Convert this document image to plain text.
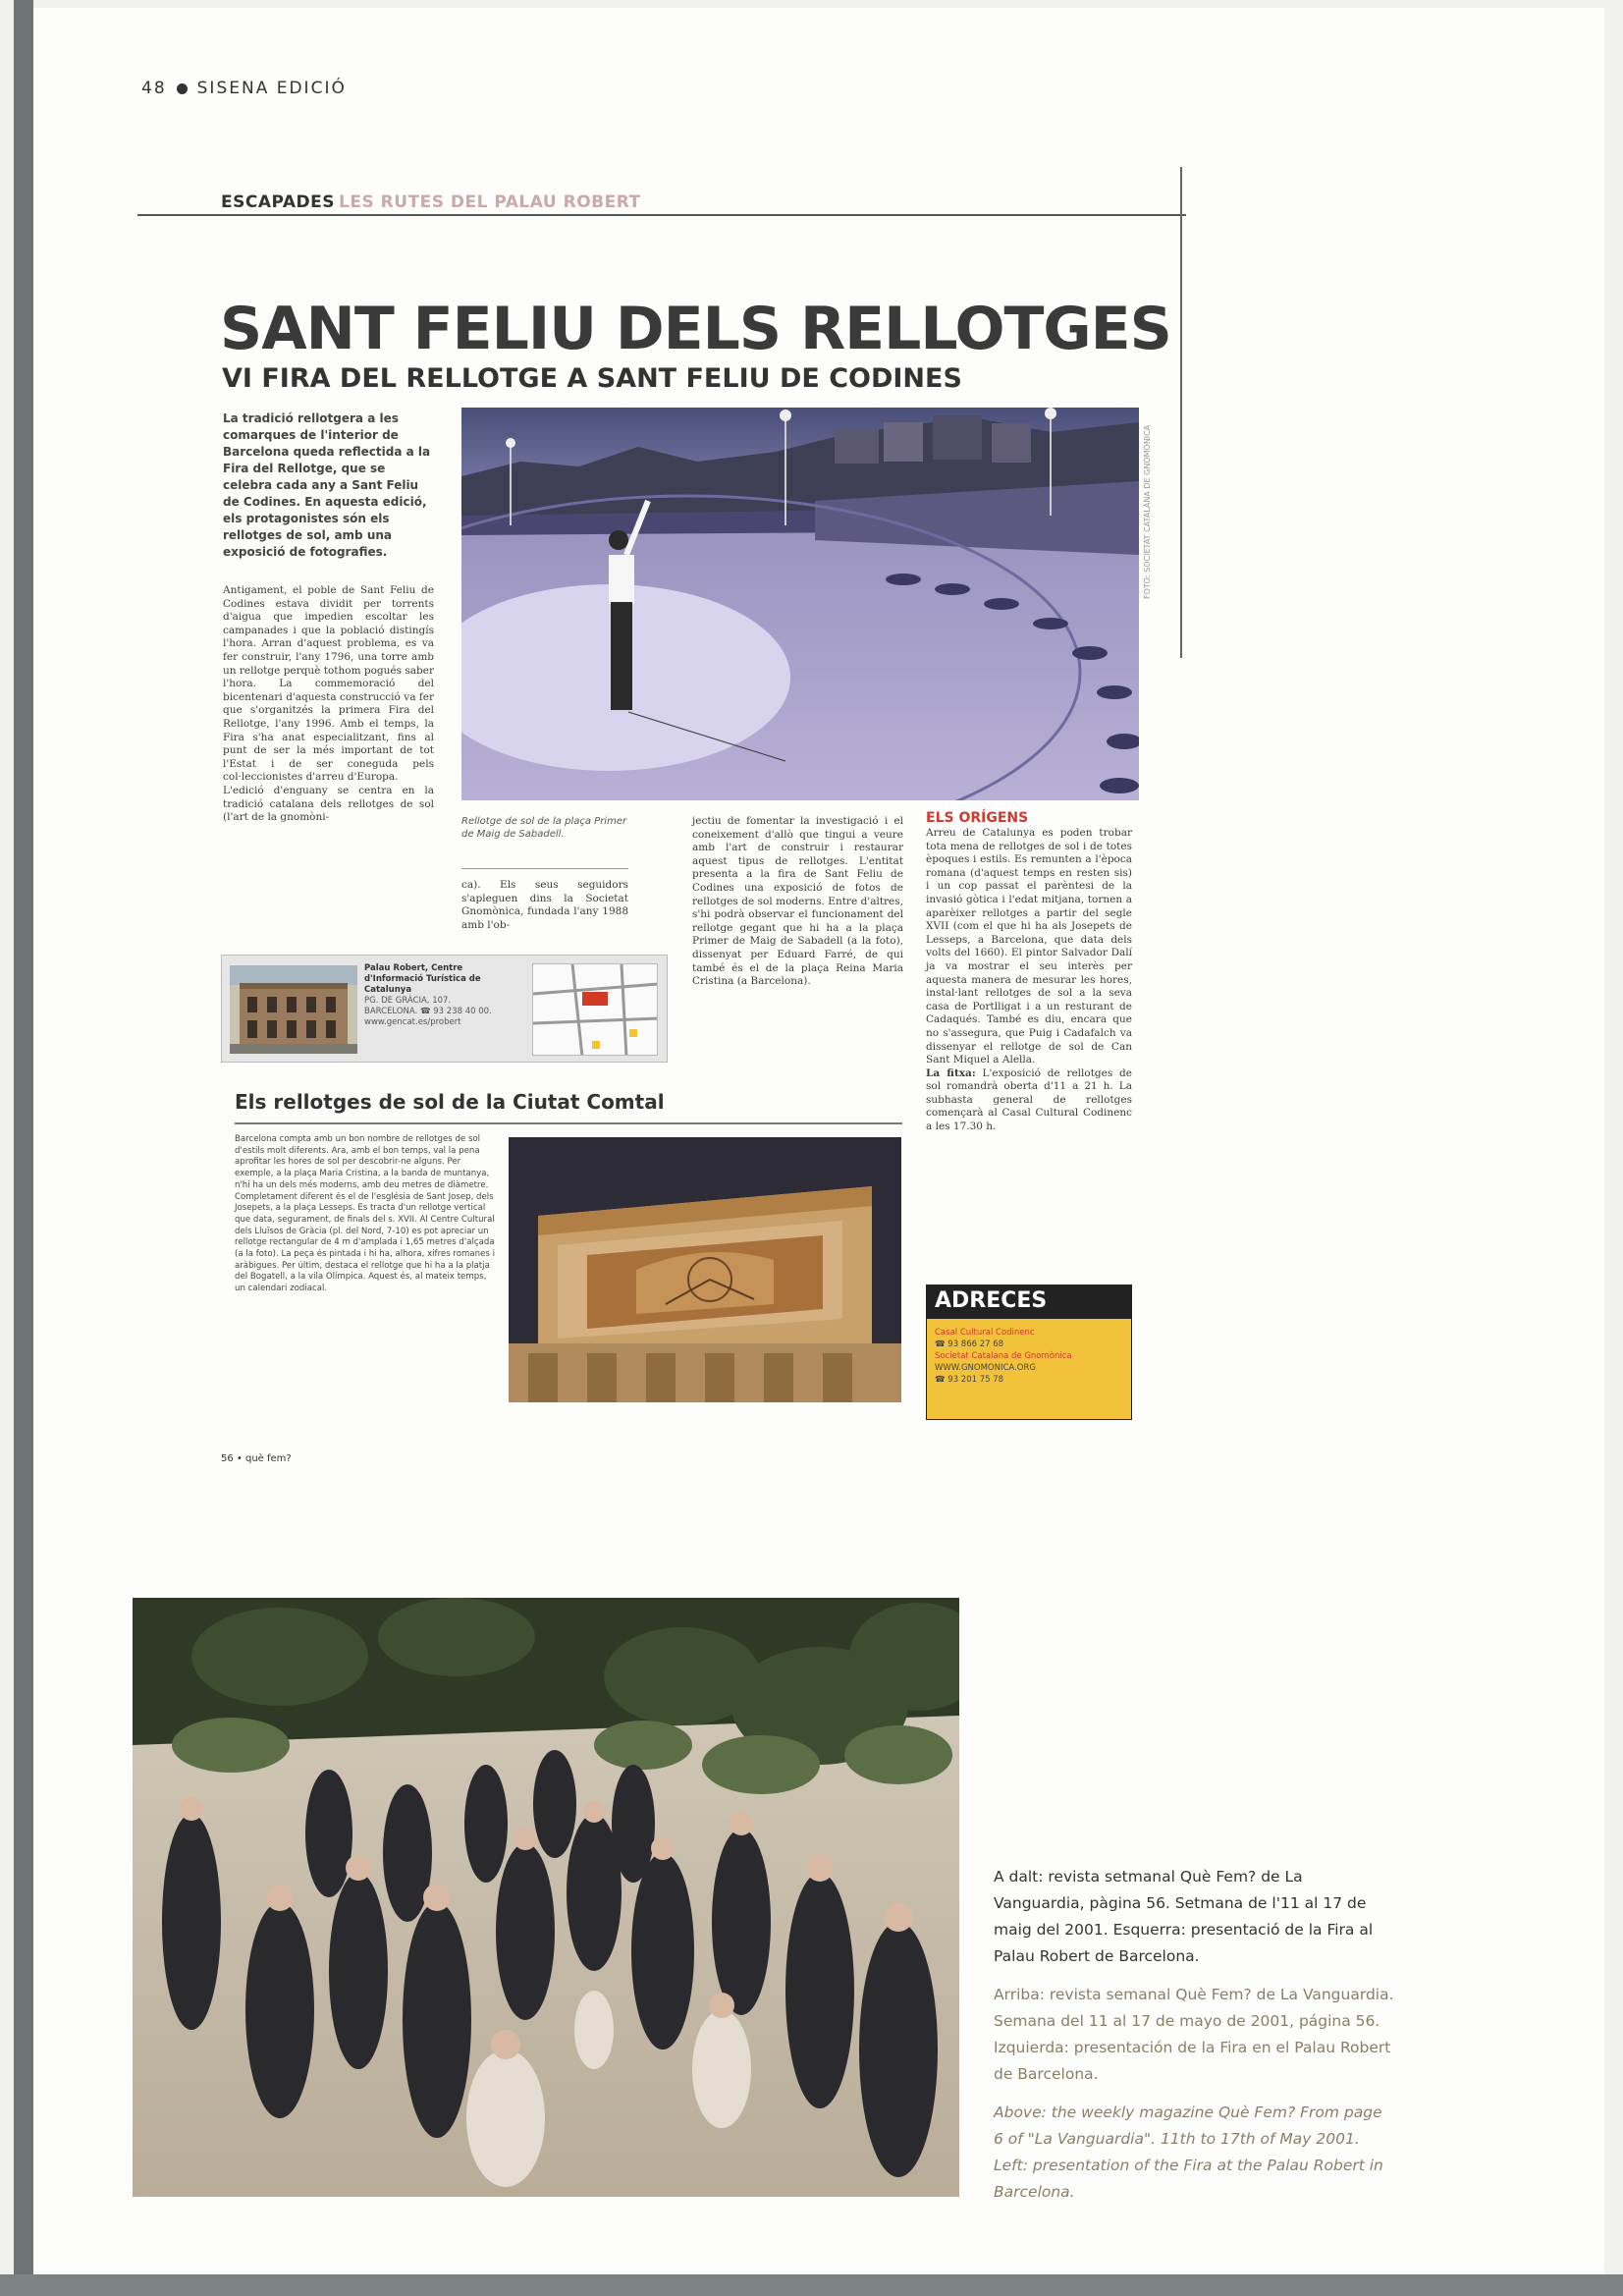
48 SISENA EDICIÓ
ESCAPADES LES RUTES DEL PALAU ROBERT
SANT FELIU DELS RELLOTGES
VI FIRA DEL RELLOTGE A SANT FELIU DE CODINES
La tradició rellotgera a les comarques de l'interior de Barcelona queda reflectida a la Fira del Rellotge, que se celebra cada any a Sant Feliu de Codines. En aquesta edició, els protagonistes són els rellotges de sol, amb una exposició de fotografies.

Antigament, el poble de Sant Feliu de Codines estava dividit per torrents d'aigua que impedien escoltar les campanades i que la població distingís l'hora. Arran d'aquest problema, es va fer construir, l'any 1796, una torre amb un rellotge perquè tothom pogués saber l'hora. La commemoració del bicentenari d'aquesta construcció va fer que s'organitzés la primera Fira del Rellotge, l'any 1996. Amb el temps, la Fira s'ha anat especialitzant, fins al punt de ser la més important de tot l'Estat i de ser coneguda pels col·leccionistes d'arreu d'Europa.

L'edició d'enguany se centra en la tradició catalana dels rellotges de sol (l'art de la gnomòni-

FOTO: SOCIETAT CATALANA DE GNOMÒNICA
Rellotge de sol de la plaça Primer de Maig de Sabadell.

ca). Els seus seguidors s'apleguen dins la Societat Gnomònica, fundada l'any 1988 amb l'ob-

jectiu de fomentar la investigació i el coneixement d'allò que tingui a veure amb l'art de construir i restaurar aquest tipus de rellotges. L'entitat presenta a la fira de Sant Feliu de Codines una exposició de fotos de rellotges de sol moderns. Entre d'altres, s'hi podrà observar el funcionament del rellotge gegant que hi ha a la plaça Primer de Maig de Sabadell (a la foto), dissenyat per Eduard Farré, de qui també és el de la plaça Reina Maria Cristina (a Barcelona).

ELS ORÍGENS

Arreu de Catalunya es poden trobar tota mena de rellotges de sol i de totes èpoques i estils. Es remunten a l'època romana (d'aquest temps en resten sis) i un cop passat el parèntesi de la invasió gòtica i l'edat mitjana, tornen a aparèixer rellotges a partir del segle XVII (com el que hi ha als Josepets de Lesseps, a Barcelona, que data dels volts del 1660). El pintor Salvador Dalí ja va mostrar el seu interès per aquesta manera de mesurar les hores, instal·lant rellotges de sol a la seva casa de Portlligat i a un resturant de Cadaqués. També es diu, encara que no s'assegura, que Puig i Cadafalch va dissenyar el rellotge de sol de Can Sant Miquel a Alella.

La fitxa: L'exposició de rellotges de sol romandrà oberta d'11 a 21 h. La subhasta general de rellotges començarà al Casal Cultural Codinenc a les 17.30 h.

Palau Robert, Centre d'Informació Turística de Catalunya
PG. DE GRÀCIA, 107.
BARCELONA. ☎ 93 238 40 00.
www.gencat.es/probert
Els rellotges de sol de la Ciutat Comtal
Barcelona compta amb un bon nombre de rellotges de sol d'estils molt diferents. Ara, amb el bon temps, val la pena aprofitar les hores de sol per descobrir-ne alguns. Per exemple, a la plaça Maria Cristina, a la banda de muntanya, n'hi ha un dels més moderns, amb deu metres de diàmetre. Completament diferent és el de l'església de Sant Josep, dels Josepets, a la plaça Lesseps. Es tracta d'un rellotge vertical que data, segurament, de finals del s. XVII. Al Centre Cultural dels Lluïsos de Gràcia (pl. del Nord, 7-10) es pot apreciar un rellotge rectangular de 4 m d'amplada i 1,65 metres d'alçada (a la foto). La peça és pintada i hi ha, alhora, xifres romanes i aràbigues. Per últim, destaca el rellotge que hi ha a la platja del Bogatell, a la vila Olímpica. Aquest és, al mateix temps, un calendari zodiacal.	ADRECES
Casal Cultural Codinenc
☎ 93 866 27 68
Societat Catalana de Gnomònica
WWW.GNOMONICA.ORG
☎ 93 201 75 78
56 • què fem?
A dalt: revista setmanal Què Fem? de La Vanguardia, pàgina 56. Setmana de l'11 al 17 de maig del 2001. Esquerra: presentació de la Fira al Palau Robert de Barcelona.
Arriba: revista semanal Què Fem? de La Vanguardia. Semana del 11 al 17 de mayo de 2001, página 56. Izquierda: presentación de la Fira en el Palau Robert de Barcelona.
Above: the weekly magazine Què Fem? From page 6 of "La Vanguardia". 11th to 17th of May 2001. Left: presentation of the Fira at the Palau Robert in Barcelona.
